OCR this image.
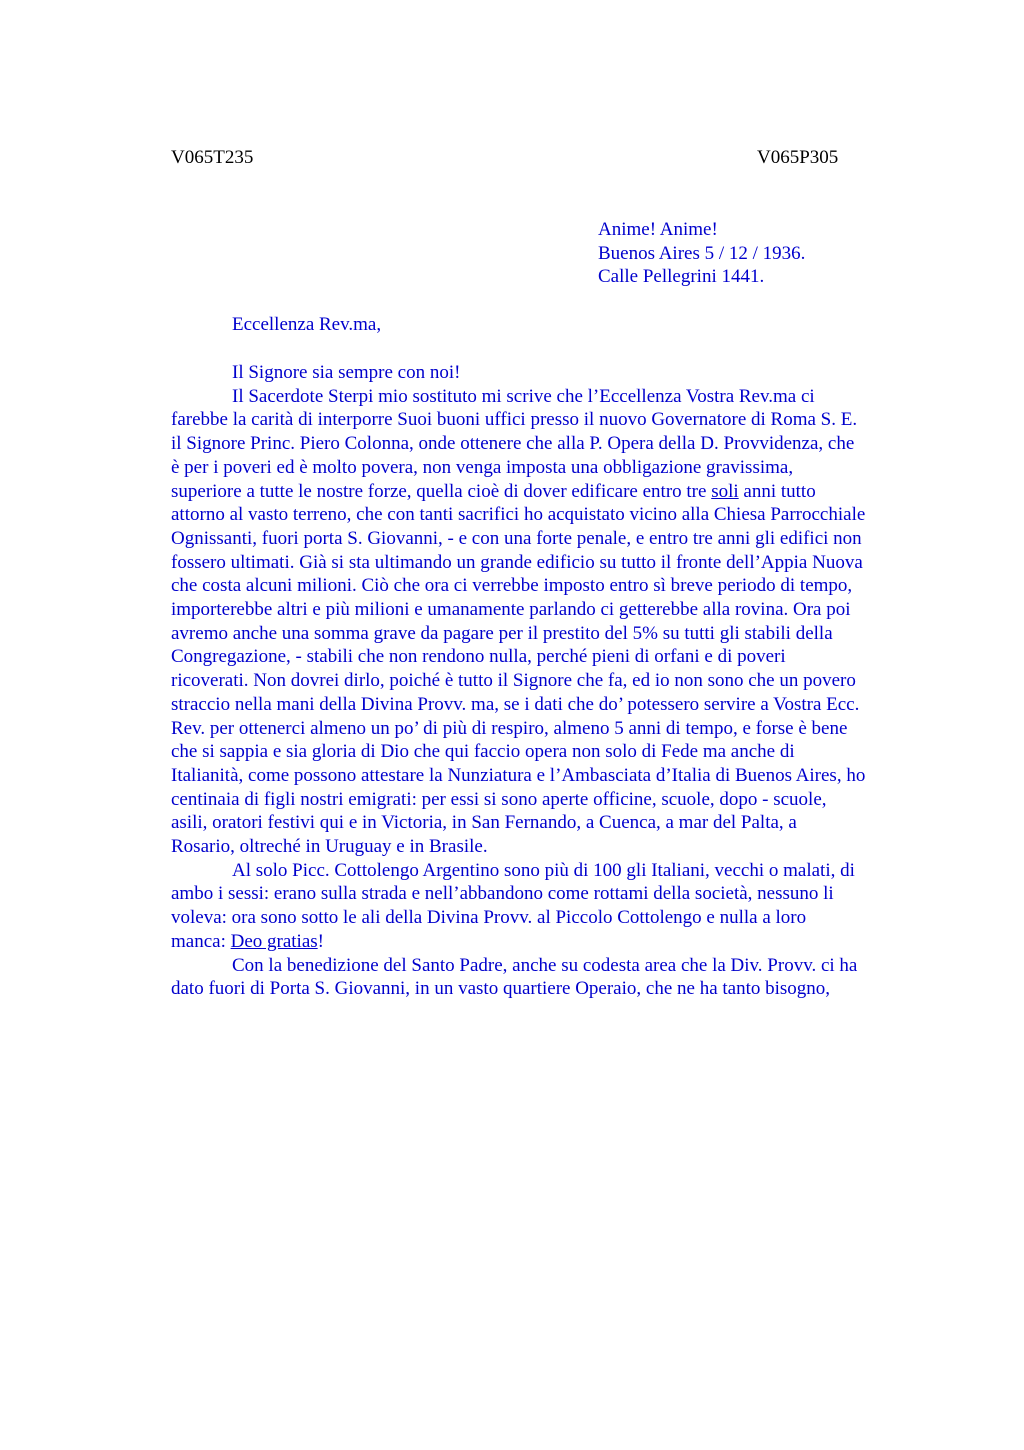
V065T235	V065P305

Anime! Anime!
Buenos Aires 5 / 12 / 1936.
Calle Pellegrini 1441.

Eccellenza Rev.ma,

Il Signore sia sempre con noi!
Il Sacerdote Sterpi mio sostituto mi scrive che l’Eccellenza Vostra Rev.ma ci
farebbe la carità di interporre Suoi buoni uffici presso il nuovo Governatore di Roma S. E.
il Signore Princ. Piero Colonna, onde ottenere che alla P. Opera della D. Provvidenza, che
è per i poveri ed è molto povera, non venga imposta una obbligazione gravissima,
superiore a tutte le nostre forze, quella cioè di dover edificare entro tre soli anni tutto
attorno al vasto terreno, che con tanti sacrifici ho acquistato vicino alla Chiesa Parrocchiale
Ognissanti, fuori porta S. Giovanni, - e con una forte penale, e entro tre anni gli edifici non
fossero ultimati. Già si sta ultimando un grande edificio su tutto il fronte dell’Appia Nuova
che costa alcuni milioni. Ciò che ora ci verrebbe imposto entro sì breve periodo di tempo,
importerebbe altri e più milioni e umanamente parlando ci getterebbe alla rovina. Ora poi
avremo anche una somma grave da pagare per il prestito del 5% su tutti gli stabili della
Congregazione, - stabili che non rendono nulla, perché pieni di orfani e di poveri
ricoverati. Non dovrei dirlo, poiché è tutto il Signore che fa, ed io non sono che un povero
straccio nella mani della Divina Provv. ma, se i dati che do’ potessero servire a Vostra Ecc.
Rev. per ottenerci almeno un po’ di più di respiro, almeno 5 anni di tempo, e forse è bene
che si sappia e sia gloria di Dio che qui faccio opera non solo di Fede ma anche di
Italianità, come possono attestare la Nunziatura e l’Ambasciata d’Italia di Buenos Aires, ho
centinaia di figli nostri emigrati: per essi si sono aperte officine, scuole, dopo - scuole,
asili, oratori festivi qui e in Victoria, in San Fernando, a Cuenca, a mar del Palta, a
Rosario, oltreché in Uruguay e in Brasile.
Al solo Picc. Cottolengo Argentino sono più di 100 gli Italiani, vecchi o malati, di
ambo i sessi: erano sulla strada e nell’abbandono come rottami della società, nessuno li
voleva: ora sono sotto le ali della Divina Provv. al Piccolo Cottolengo e nulla a loro
manca: Deo gratias!
Con la benedizione del Santo Padre, anche su codesta area che la Div. Provv. ci ha
dato fuori di Porta S. Giovanni, in un vasto quartiere Operaio, che ne ha tanto bisogno,
